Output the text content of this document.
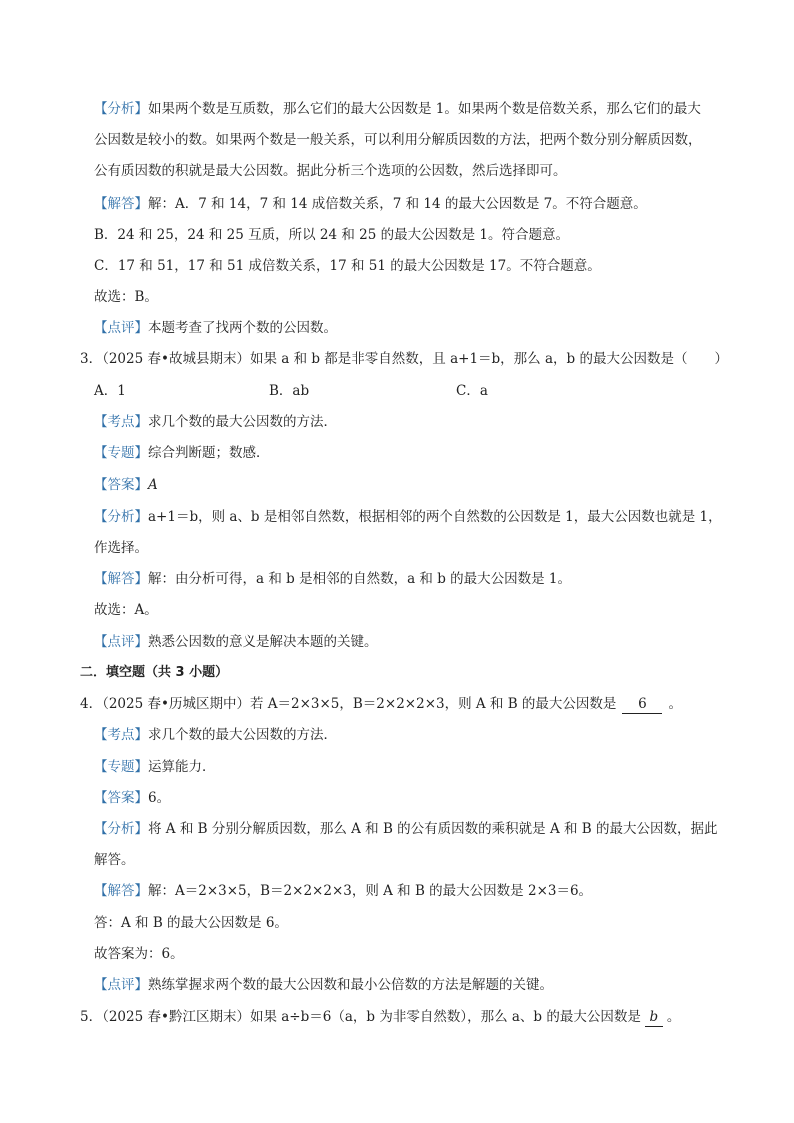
【分析】如果两个数是互质数，那么它们的最大公因数是 1。如果两个数是倍数关系，那么它们的最大
公因数是较小的数。如果两个数是一般关系，可以利用分解质因数的方法，把两个数分别分解质因数，
公有质因数的积就是最大公因数。据此分析三个选项的公因数，然后选择即可。
【解答】解：A．7 和 14，7 和 14 成倍数关系，7 和 14 的最大公因数是 7。不符合题意。
B．24 和 25，24 和 25 互质，所以 24 和 25 的最大公因数是 1。符合题意。
C．17 和 51，17 和 51 成倍数关系，17 和 51 的最大公因数是 17。不符合题意。
故选：B。
【点评】本题考查了找两个数的公因数。
3．（2025 春•故城县期末）如果 a 和 b 都是非零自然数，且 a+1＝b，那么 a，b 的最大公因数是（　　）
A．1	B．ab	C．a
【考点】求几个数的最大公因数的方法．
【专题】综合判断题；数感．
【答案】A
【分析】a+1＝b，则 a、b 是相邻自然数，根据相邻的两个自然数的公因数是 1，最大公因数也就是 1，
作选择。
【解答】解：由分析可得，a 和 b 是相邻的自然数，a 和 b 的最大公因数是 1。
故选：A。
【点评】熟悉公因数的意义是解决本题的关键。
二．填空题（共 3 小题）
4．（2025 春•历城区期中）若 A＝2×3×5，B＝2×2×2×3，则 A 和 B 的最大公因数是 6 。
【考点】求几个数的最大公因数的方法．
【专题】运算能力．
【答案】6。
【分析】将 A 和 B 分别分解质因数，那么 A 和 B 的公有质因数的乘积就是 A 和 B 的最大公因数，据此
解答。
【解答】解：A＝2×3×5，B＝2×2×2×3，则 A 和 B 的最大公因数是 2×3＝6。
答：A 和 B 的最大公因数是 6。
故答案为：6。
【点评】熟练掌握求两个数的最大公因数和最小公倍数的方法是解题的关键。
5．（2025 春•黔江区期末）如果 a÷b＝6（a，b 为非零自然数），那么 a、b 的最大公因数是 b 。
